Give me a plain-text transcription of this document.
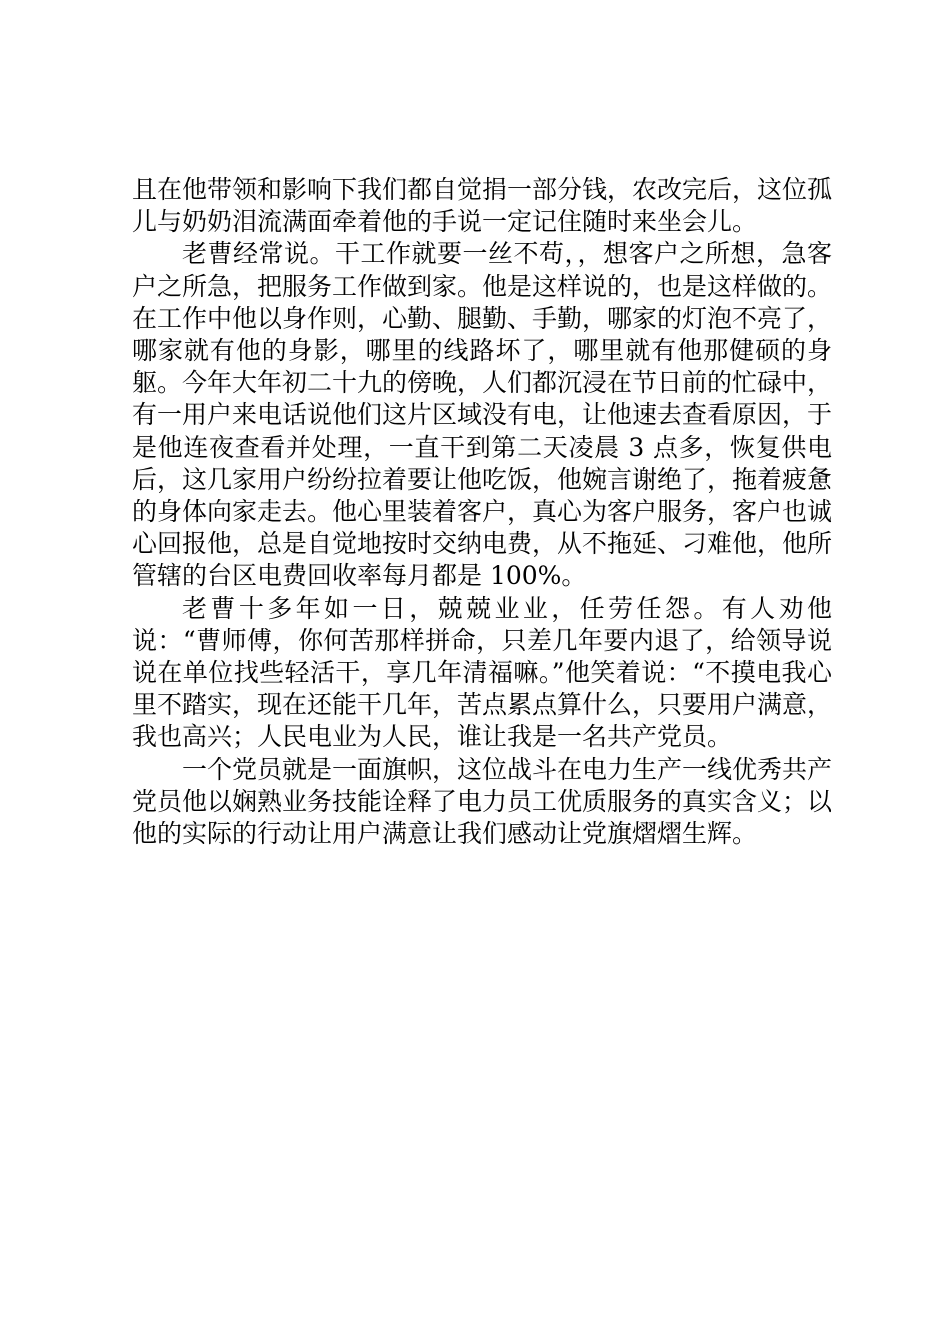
且在他带领和影响下我们都自觉捐一部分钱，农改完后，这位孤儿与奶奶泪流满面牵着他的手说一定记住随时来坐会儿。

老曹经常说。干工作就要一丝不苟，，想客户之所想，急客户之所急，把服务工作做到家。他是这样说的，也是这样做的。在工作中他以身作则，心勤、腿勤、手勤，哪家的灯泡不亮了，哪家就有他的身影，哪里的线路坏了，哪里就有他那健硕的身躯。今年大年初二十九的傍晚，人们都沉浸在节日前的忙碌中，有一用户来电话说他们这片区域没有电，让他速去查看原因，于是他连夜查看并处理，一直干到第二天凌晨 3 点多，恢复供电后，这几家用户纷纷拉着要让他吃饭，他婉言谢绝了，拖着疲惫的身体向家走去。他心里装着客户，真心为客户服务，客户也诚心回报他，总是自觉地按时交纳电费，从不拖延、刁难他，他所管辖的台区电费回收率每月都是 100%。

老曹十多年如一日，兢兢业业，任劳任怨。有人劝他说：“曹师傅，你何苦那样拼命，只差几年要内退了，给领导说说在单位找些轻活干，享几年清福嘛。”他笑着说：“不摸电我心里不踏实，现在还能干几年，苦点累点算什么，只要用户满意，我也高兴；人民电业为人民，谁让我是一名共产党员。

一个党员就是一面旗帜，这位战斗在电力生产一线优秀共产党员他以娴熟业务技能诠释了电力员工优质服务的真实含义；以他的实际的行动让用户满意让我们感动让党旗熠熠生辉。
